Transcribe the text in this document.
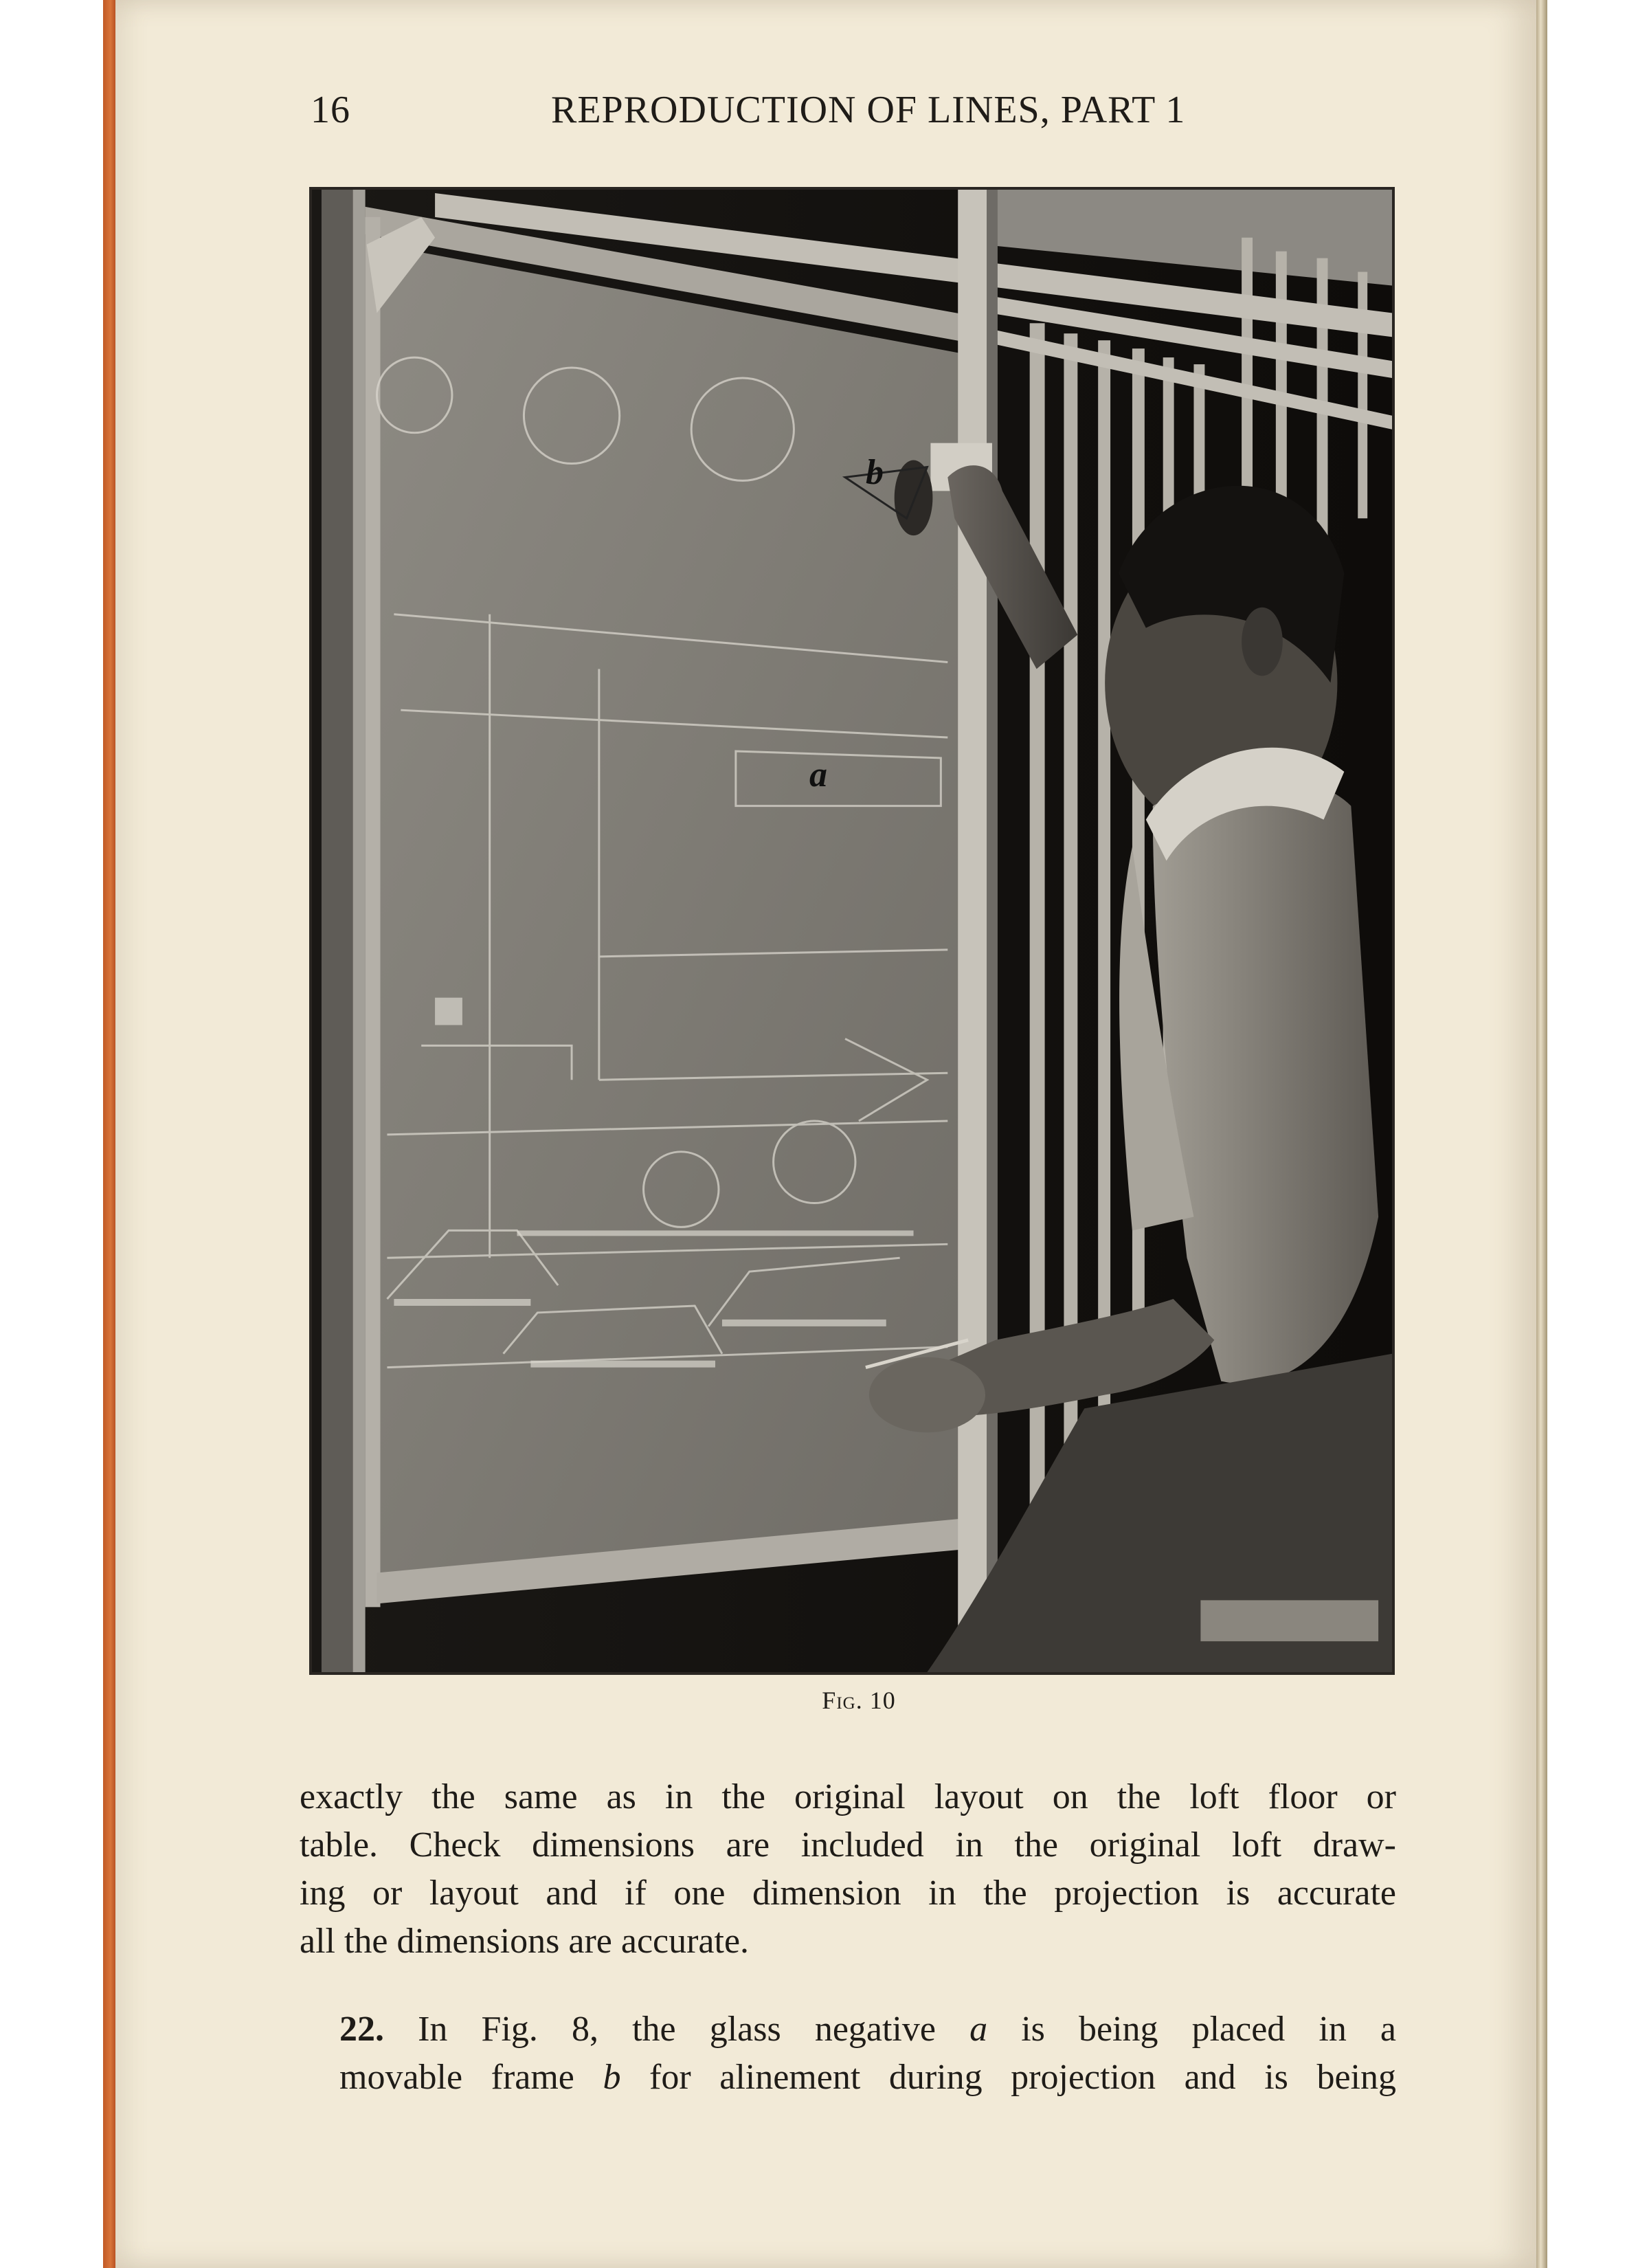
16	REPRODUCTION OF LINES, PART 1
b
a
Fig. 10
exactly the same as in the original layout on the loft floor or
table. Check dimensions are included in the original loft draw-
ing or layout and if one dimension in the projection is accurate
all the dimensions are accurate.
22. In Fig. 8, the glass negative a is being placed in a
movable frame b for alinement during projection and is being
